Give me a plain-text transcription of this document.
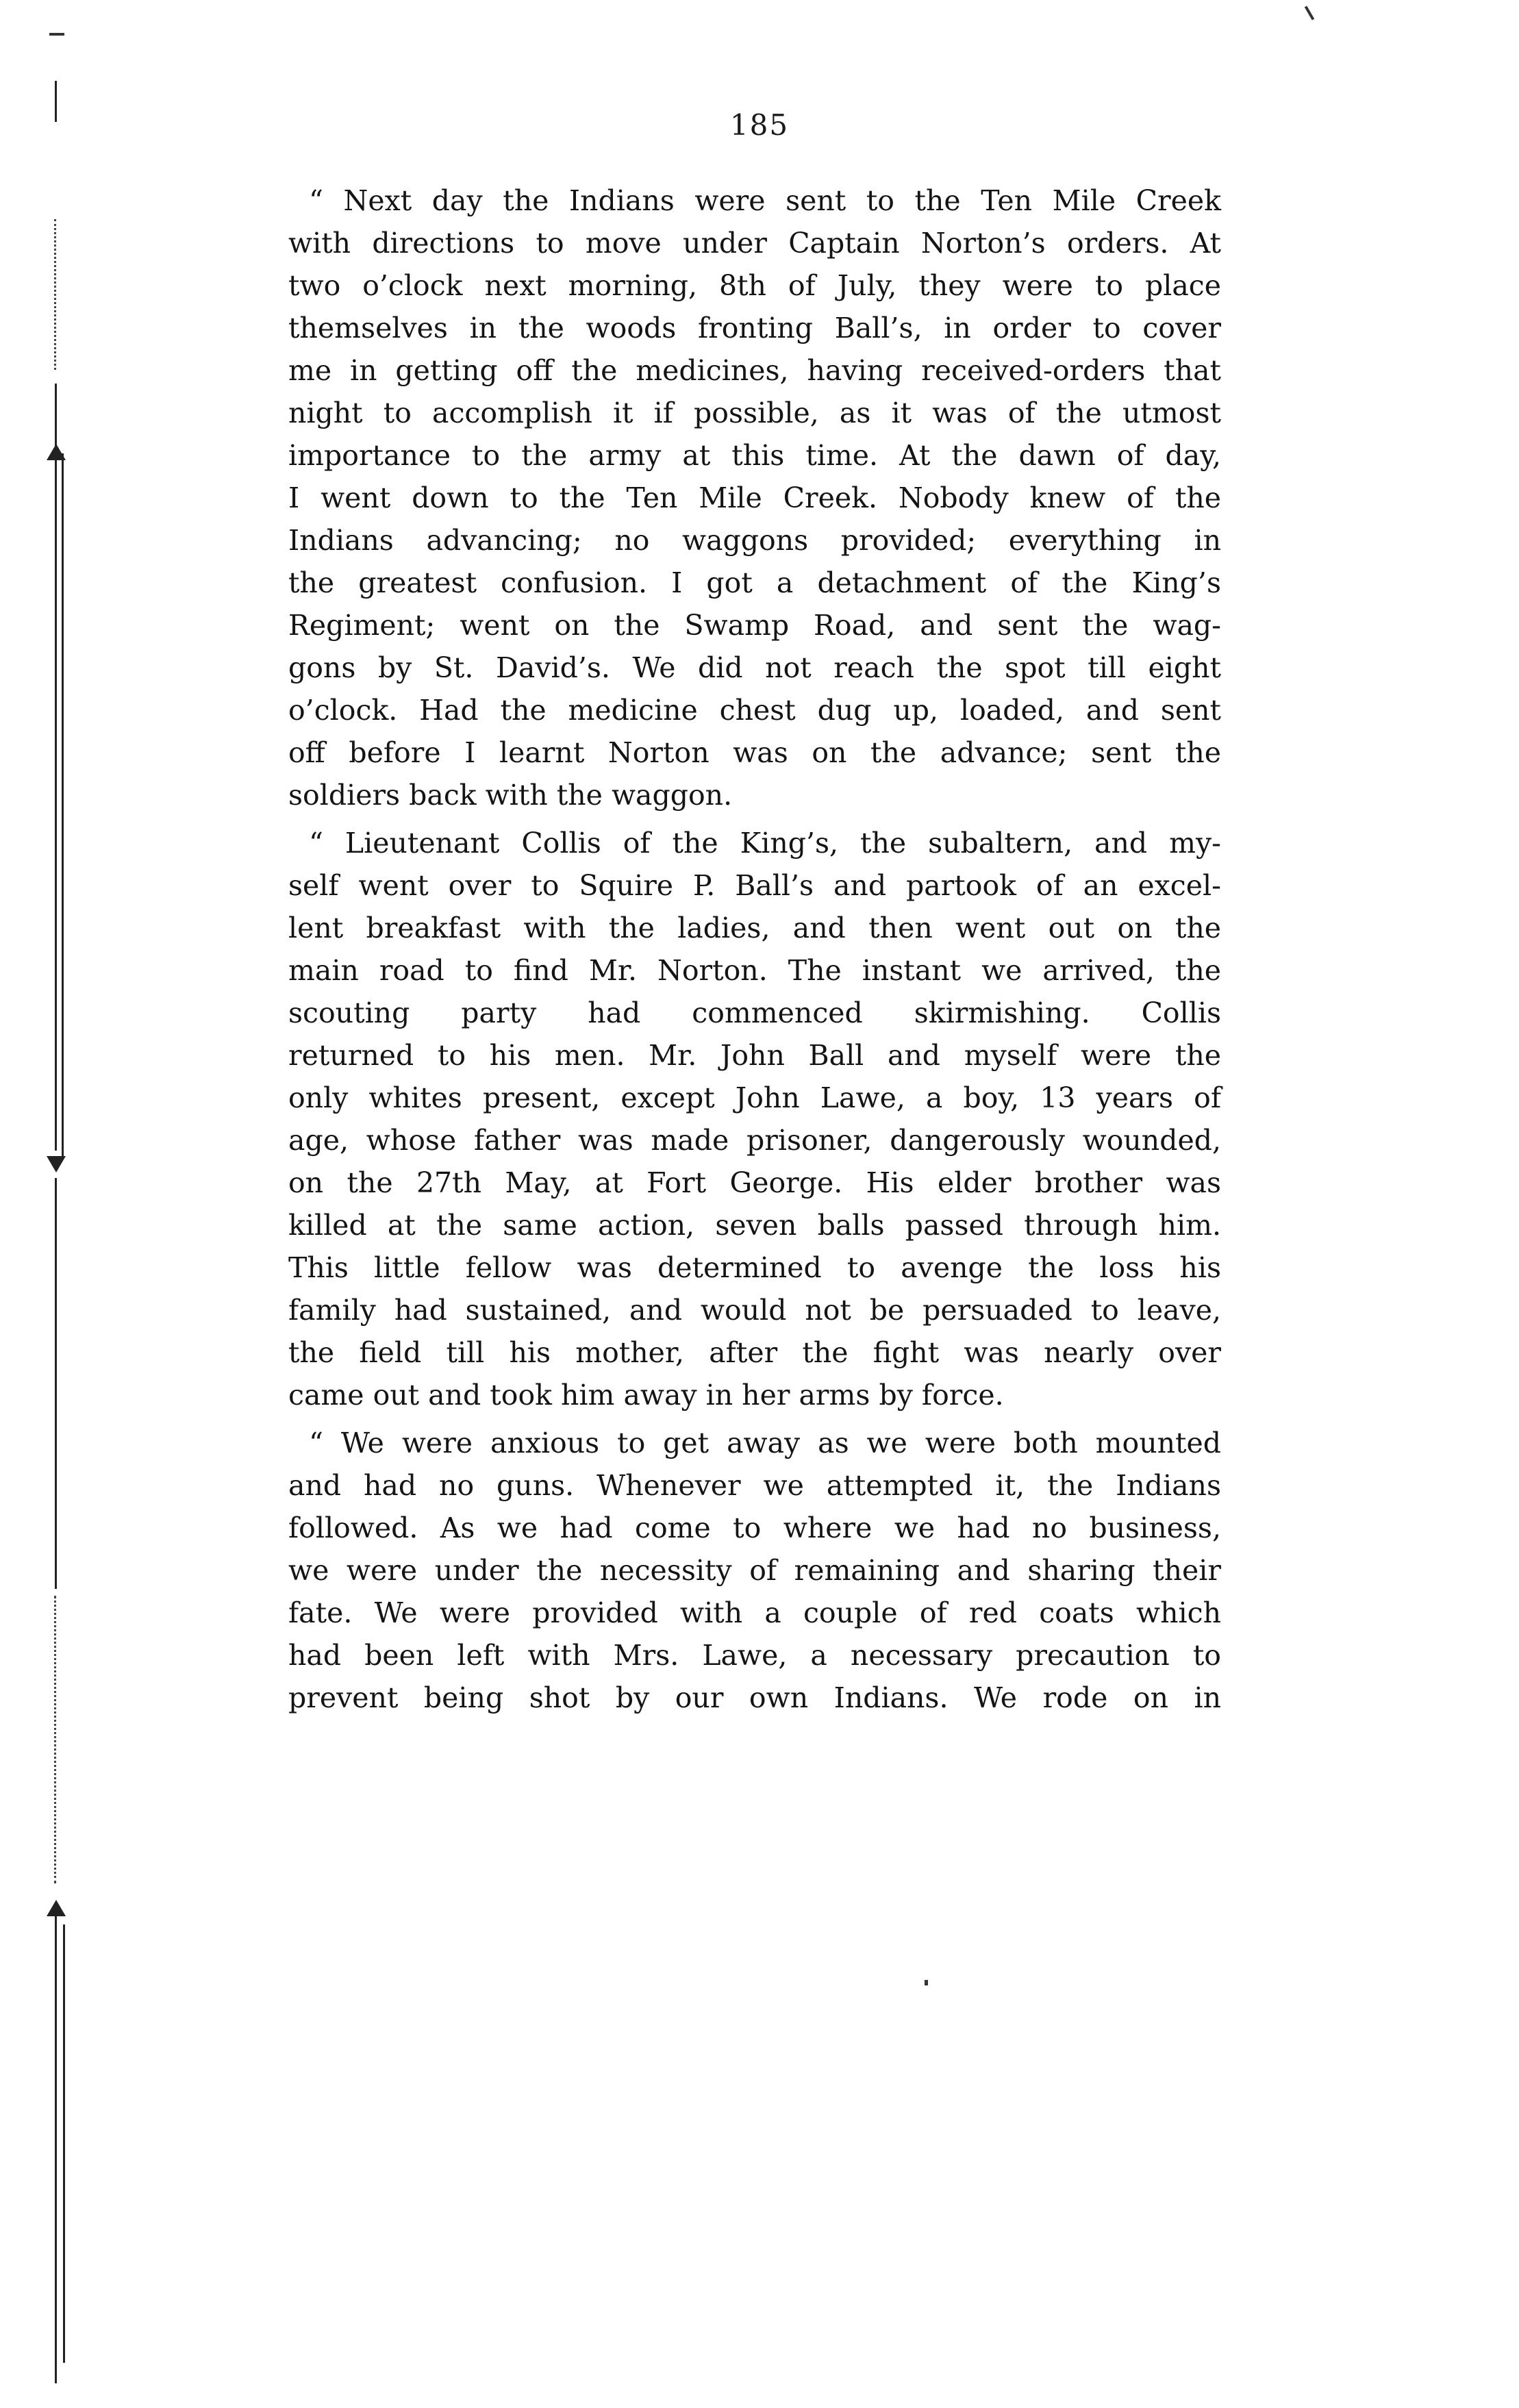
185
“ Next day the Indians were sent to the Ten Mile Creek
with directions to move under Captain Norton’s orders. At
two o’clock next morning, 8th of July, they were to place
themselves in the woods fronting Ball’s, in order to cover
me in getting off the medicines, having received-orders that
night to accomplish it if possible, as it was of the utmost
importance to the army at this time. At the dawn of day,
I went down to the Ten Mile Creek. Nobody knew of the
Indians advancing; no waggons provided; everything in
the greatest confusion. I got a detachment of the King’s
Regiment; went on the Swamp Road, and sent the wag-
gons by St. David’s. We did not reach the spot till eight
o’clock. Had the medicine chest dug up, loaded, and sent
off before I learnt Norton was on the advance; sent the
soldiers back with the waggon.
“ Lieutenant Collis of the King’s, the subaltern, and my-
self went over to Squire P. Ball’s and partook of an excel-
lent breakfast with the ladies, and then went out on the
main road to find Mr. Norton. The instant we arrived, the
scouting party had commenced skirmishing. Collis
returned to his men. Mr. John Ball and myself were the
only whites present, except John Lawe, a boy, 13 years of
age, whose father was made prisoner, dangerously wounded,
on the 27th May, at Fort George. His elder brother was
killed at the same action, seven balls passed through him.
This little fellow was determined to avenge the loss his
family had sustained, and would not be persuaded to leave,
the field till his mother, after the fight was nearly over
came out and took him away in her arms by force.
“ We were anxious to get away as we were both mounted
and had no guns. Whenever we attempted it, the Indians
followed. As we had come to where we had no business,
we were under the necessity of remaining and sharing their
fate. We were provided with a couple of red coats which
had been left with Mrs. Lawe, a necessary precaution to
prevent being shot by our own Indians. We rode on in
